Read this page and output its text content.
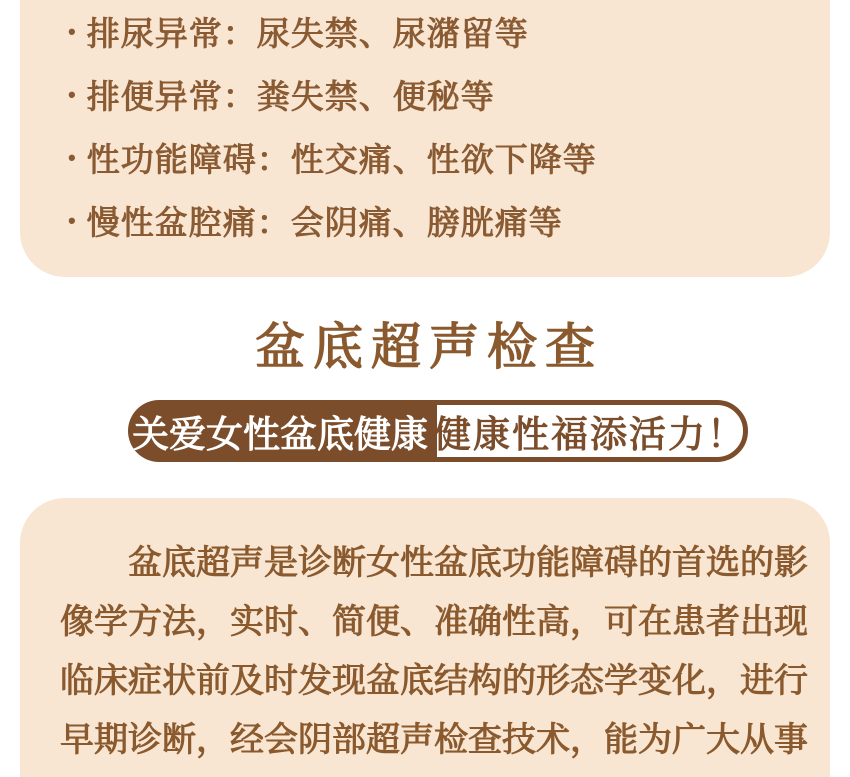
• 排尿异常：尿失禁、尿潴留等
• 排便异常：粪失禁、便秘等
• 性功能障碍：性交痛、性欲下降等
• 慢性盆腔痛：会阴痛、膀胱痛等
盆底超声检查
关爱女性盆底健康 健康性福添活力！
盆底超声是诊断女性盆底功能障碍的首选的影
像学方法，实时、简便、准确性高，可在患者出现
临床症状前及时发现盆底结构的形态学变化，进行
早期诊断，经会阴部超声检查技术，能为广大从事
